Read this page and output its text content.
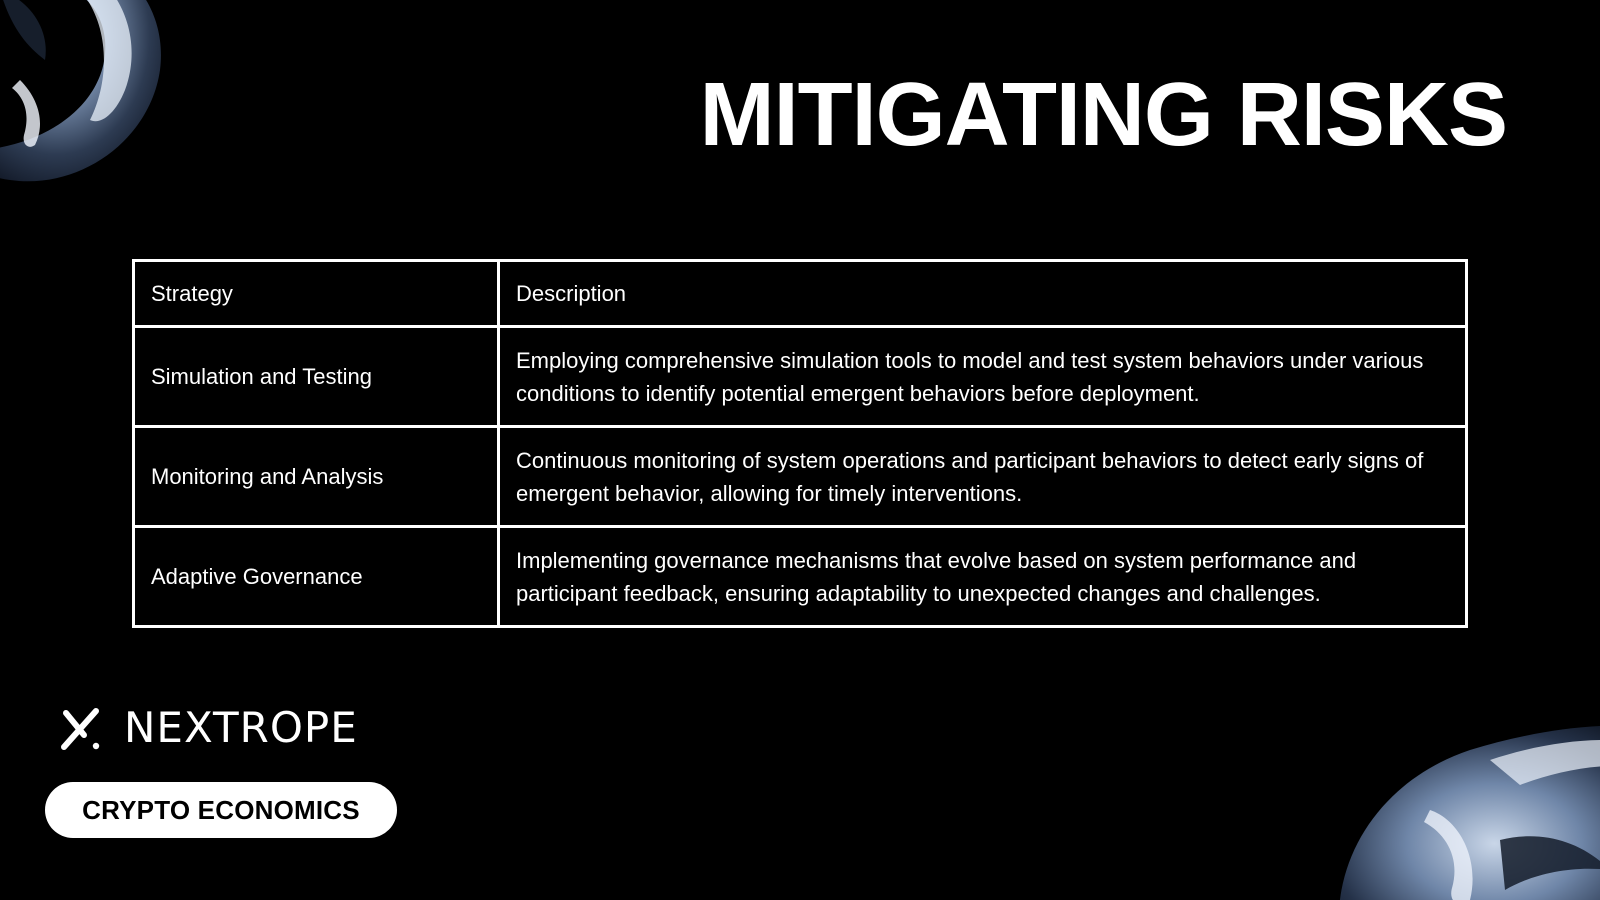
MITIGATING RISKS
Strategy	Description
Simulation and Testing	Employing comprehensive simulation tools to model and test system behaviors under various conditions to identify potential emergent behaviors before deployment.
Monitoring and Analysis	Continuous monitoring of system operations and participant behaviors to detect early signs of emergent behavior, allowing for timely interventions.
Adaptive Governance	Implementing governance mechanisms that evolve based on system performance and participant feedback, ensuring adaptability to unexpected changes and challenges.
NEXTROPE
CRYPTO ECONOMICS
